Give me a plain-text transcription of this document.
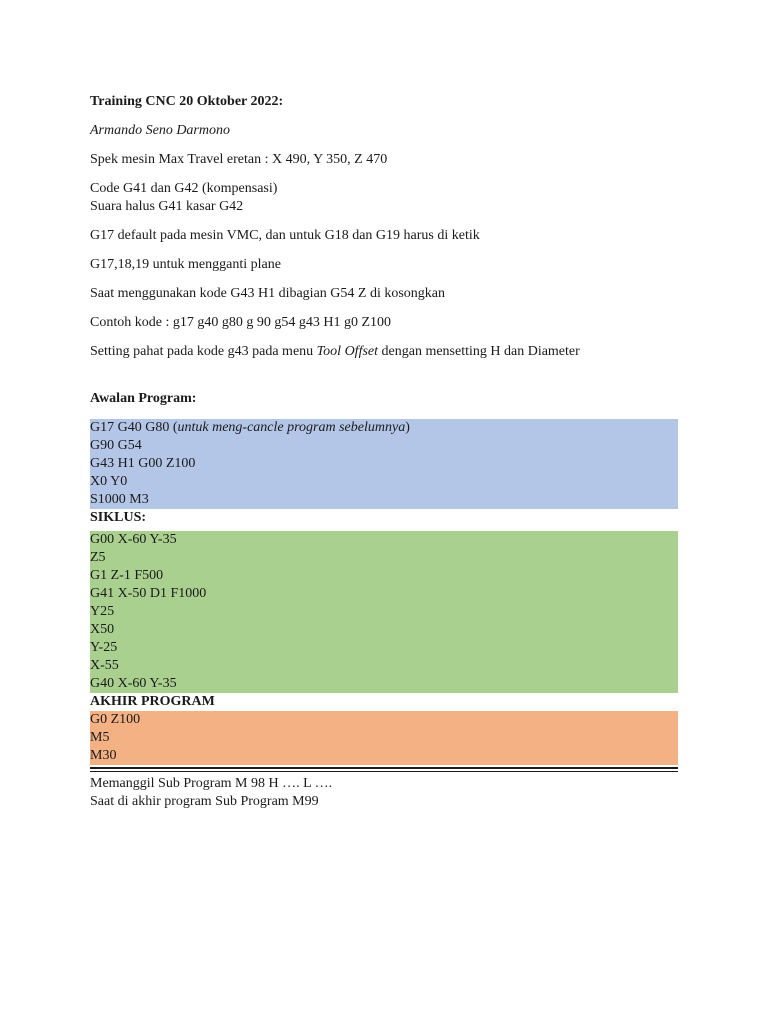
Training CNC 20 Oktober 2022:

Armando Seno Darmono

Spek mesin Max Travel eretan : X 490, Y 350, Z 470

Code G41 dan G42 (kompensasi)
Suara halus G41 kasar G42

G17 default pada mesin VMC, dan untuk G18 dan G19 harus di ketik

G17,18,19 untuk mengganti plane

Saat menggunakan kode G43 H1 dibagian G54 Z di kosongkan

Contoh kode : g17 g40 g80 g 90 g54 g43 H1 g0 Z100

Setting pahat pada kode g43 pada menu Tool Offset dengan mensetting H dan Diameter

Awalan Program:

G17 G40 G80 (untuk meng-cancle program sebelumnya)
G90 G54
G43 H1 G00 Z100
X0 Y0
S1000 M3
SIKLUS:
G00 X-60 Y-35
Z5
G1 Z-1 F500
G41 X-50 D1 F1000
Y25
X50
Y-25
X-55
G40 X-60 Y-35
AKHIR PROGRAM
G0 Z100
M5
M30
Memanggil Sub Program M 98 H …. L ….
Saat di akhir program Sub Program M99
